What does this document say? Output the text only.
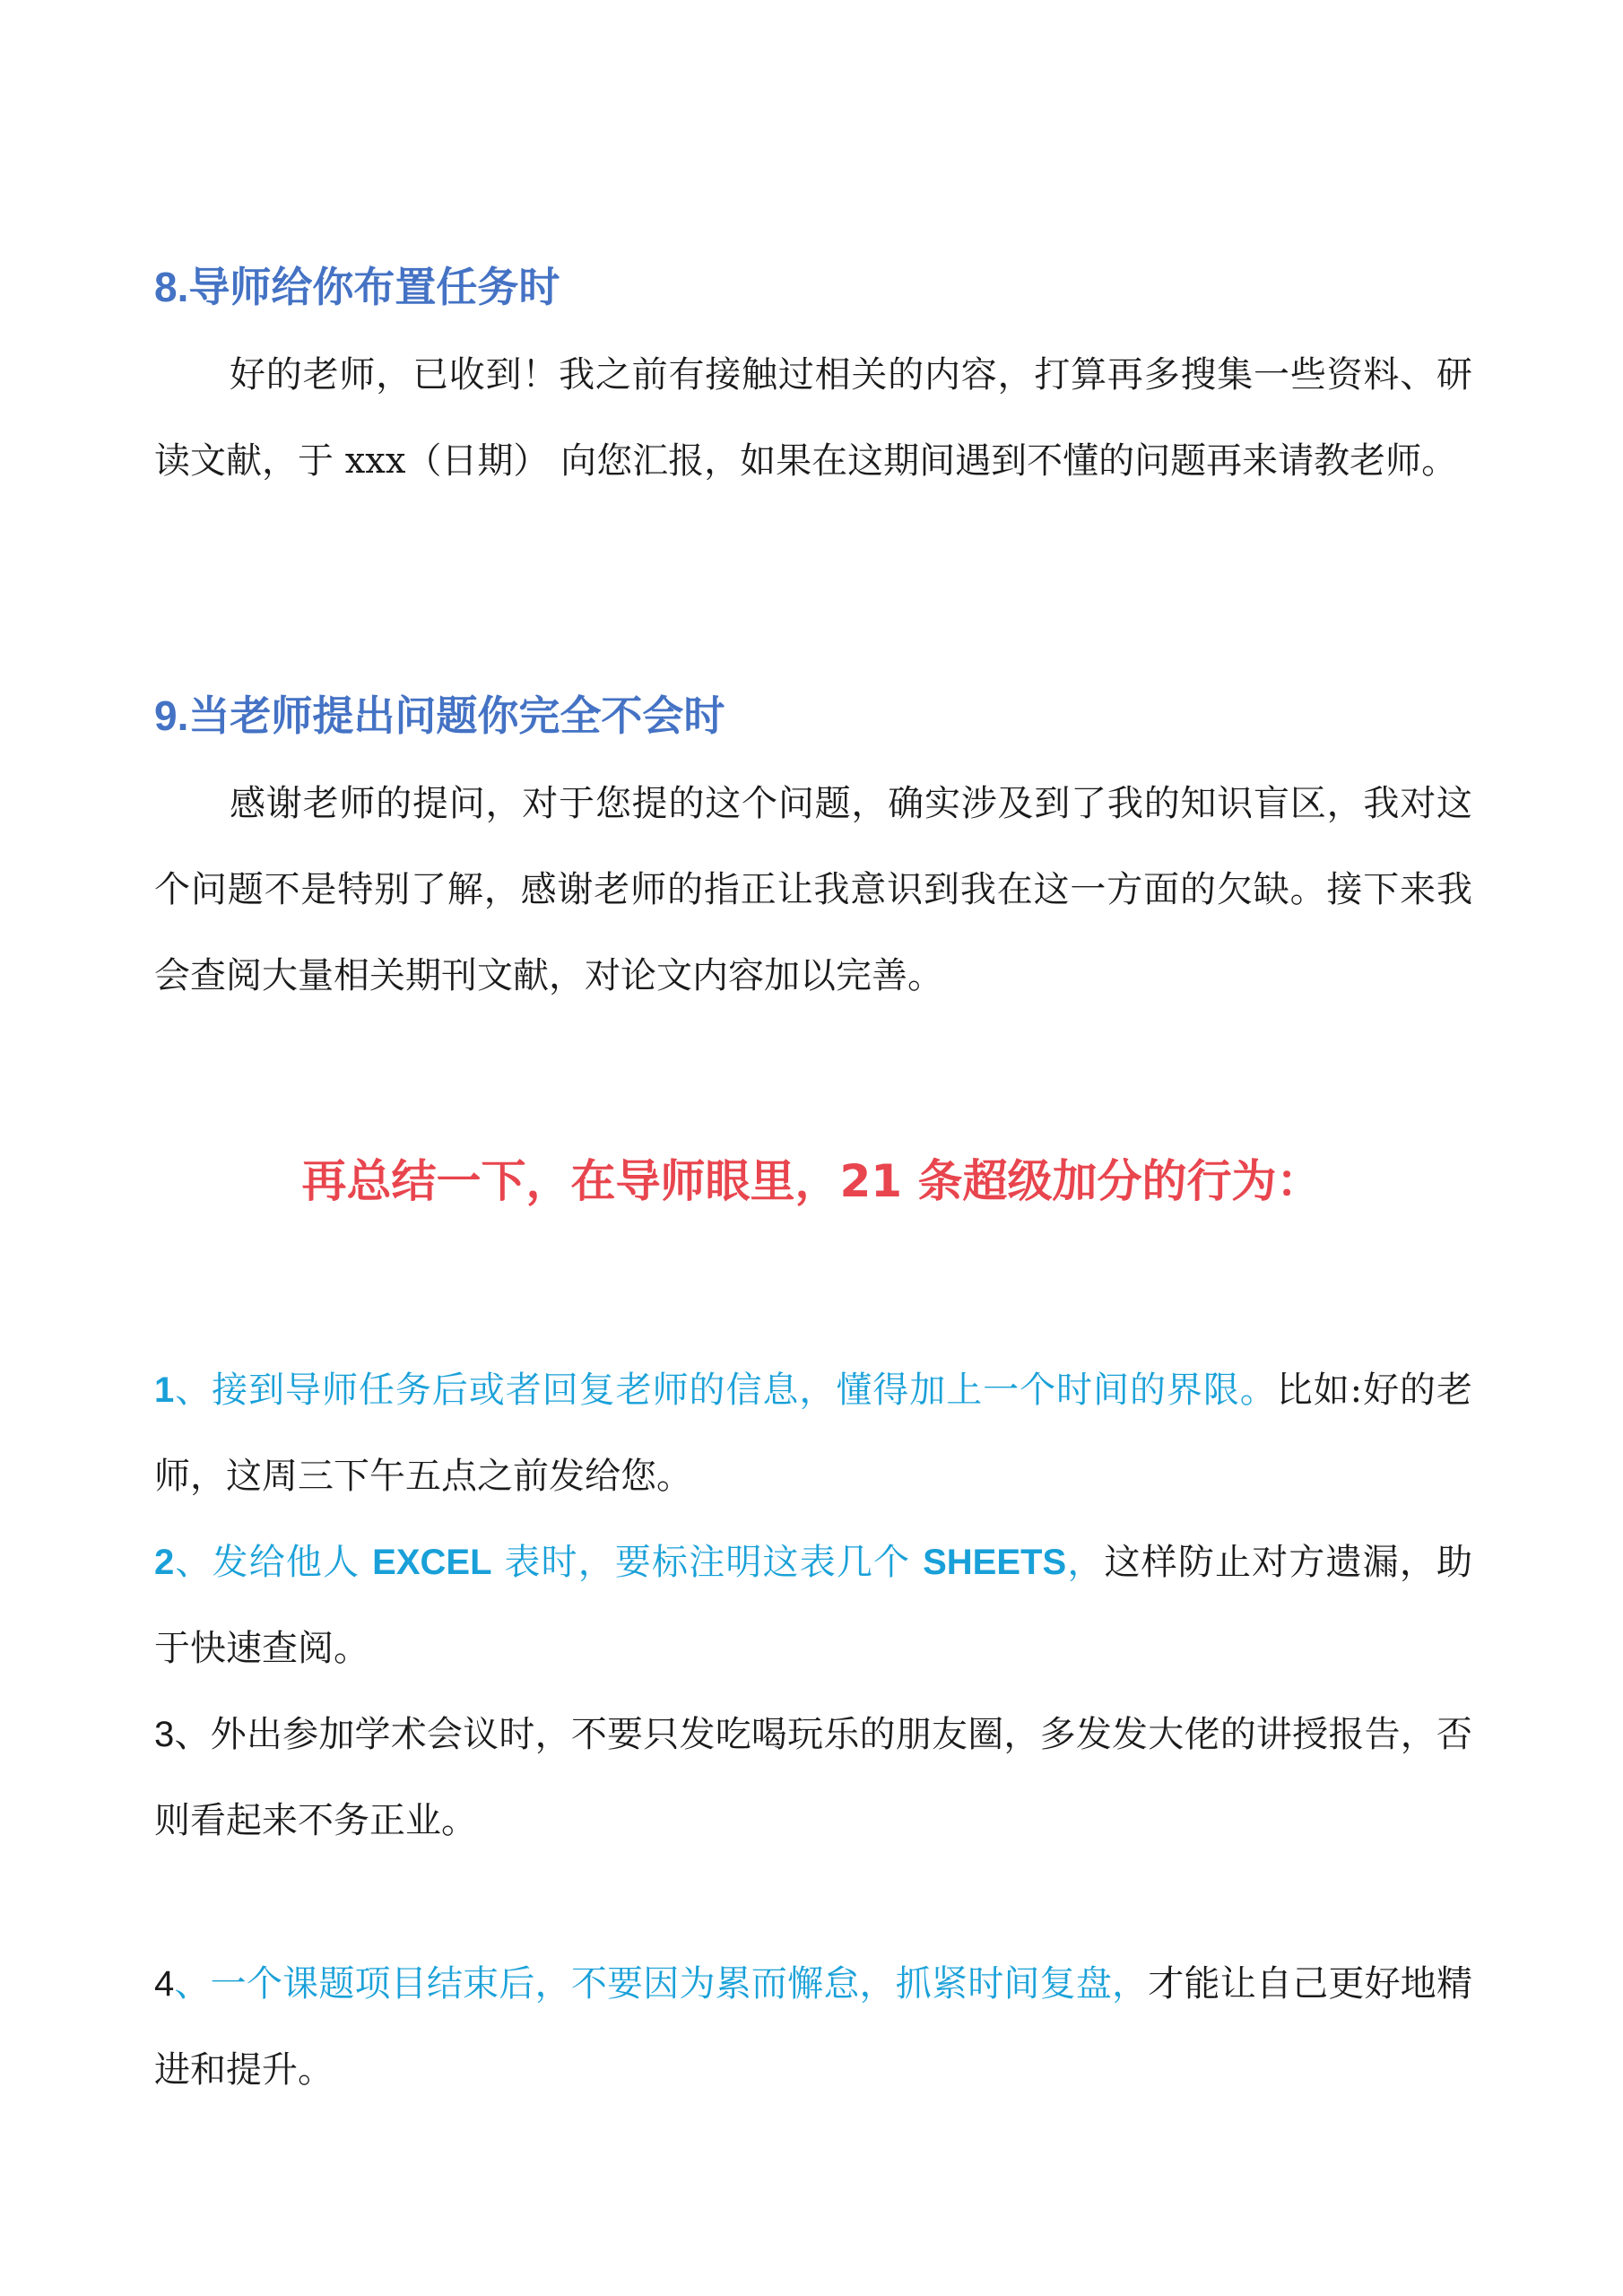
8.导师给你布置任务时

好的老师，已收到！我之前有接触过相关的内容，打算再多搜集一些资料、研读文献，于 xxx（日期） 向您汇报，如果在这期间遇到不懂的问题再来请教老师。

9.当老师提出问题你完全不会时

感谢老师的提问，对于您提的这个问题，确实涉及到了我的知识盲区，我对这个问题不是特别了解，感谢老师的指正让我意识到我在这一方面的欠缺。接下来我会查阅大量相关期刊文献，对论文内容加以完善。

再总结一下，在导师眼里，21 条超级加分的行为：

1、接到导师任务后或者回复老师的信息，懂得加上一个时间的界限。比如:好的老师，这周三下午五点之前发给您。

2、发给他人 EXCEL 表时，要标注明这表几个 SHEETS，这样防止对方遗漏，助于快速查阅。

3、外出参加学术会议时，不要只发吃喝玩乐的朋友圈，多发发大佬的讲授报告，否则看起来不务正业。

4、一个课题项目结束后，不要因为累而懈怠，抓紧时间复盘，才能让自己更好地精进和提升。
